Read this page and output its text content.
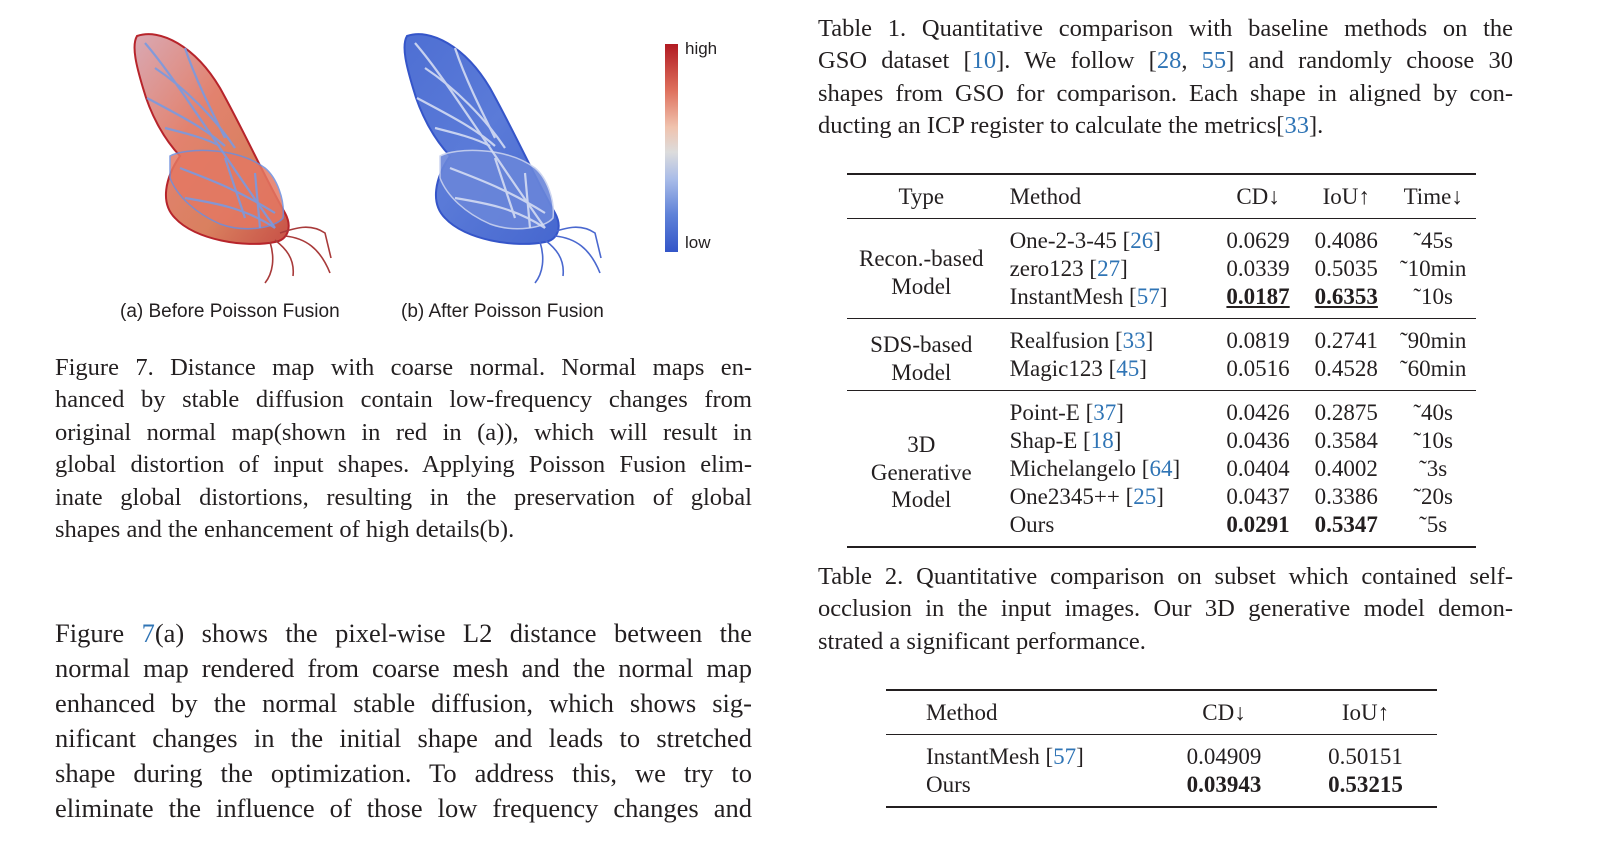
(a) Before Poisson Fusion	(b) After Poisson Fusion
high
low

Figure 7. Distance map with coarse normal. Normal maps en-
hanced by stable diffusion contain low-frequency changes from
original normal map(shown in red in (a)), which will result in
global distortion of input shapes. Applying Poisson Fusion elim-
inate global distortions, resulting in the preservation of global
shapes and the enhancement of high details(b).

Figure 7(a) shows the pixel-wise L2 distance between the
normal map rendered from coarse mesh and the normal map
enhanced by the normal stable diffusion, which shows sig-
nificant changes in the initial shape and leads to stretched
shape during the optimization. To address this, we try to
eliminate the influence of those low frequency changes and

Table 1. Quantitative comparison with baseline methods on the
GSO dataset [10]. We follow [28, 55] and randomly choose 30
shapes from GSO for comparison. Each shape in aligned by con-
ducting an ICP register to calculate the metrics[33].

Type	Method	CD↓	IoU↑	Time↓
Recon.-based
Model	One-2-3-45 [26]	0.0629	0.4086	˜45s
	zero123 [27]	0.0339	0.5035	˜10min
	InstantMesh [57]	0.0187	0.6353	˜10s
SDS-based
Model	Realfusion [33]	0.0819	0.2741	˜90min
	Magic123 [45]	0.0516	0.4528	˜60min
3D
Generative
Model	Point-E [37]	0.0426	0.2875	˜40s
	Shap-E [18]	0.0436	0.3584	˜10s
	Michelangelo [64]	0.0404	0.4002	˜3s
	One2345++ [25]	0.0437	0.3386	˜20s
	Ours	0.0291	0.5347	˜5s

Table 2. Quantitative comparison on subset which contained self-
occlusion in the input images. Our 3D generative model demon-
strated a significant performance.

Method	CD↓	IoU↑
InstantMesh [57]	0.04909	0.50151
Ours	0.03943	0.53215
